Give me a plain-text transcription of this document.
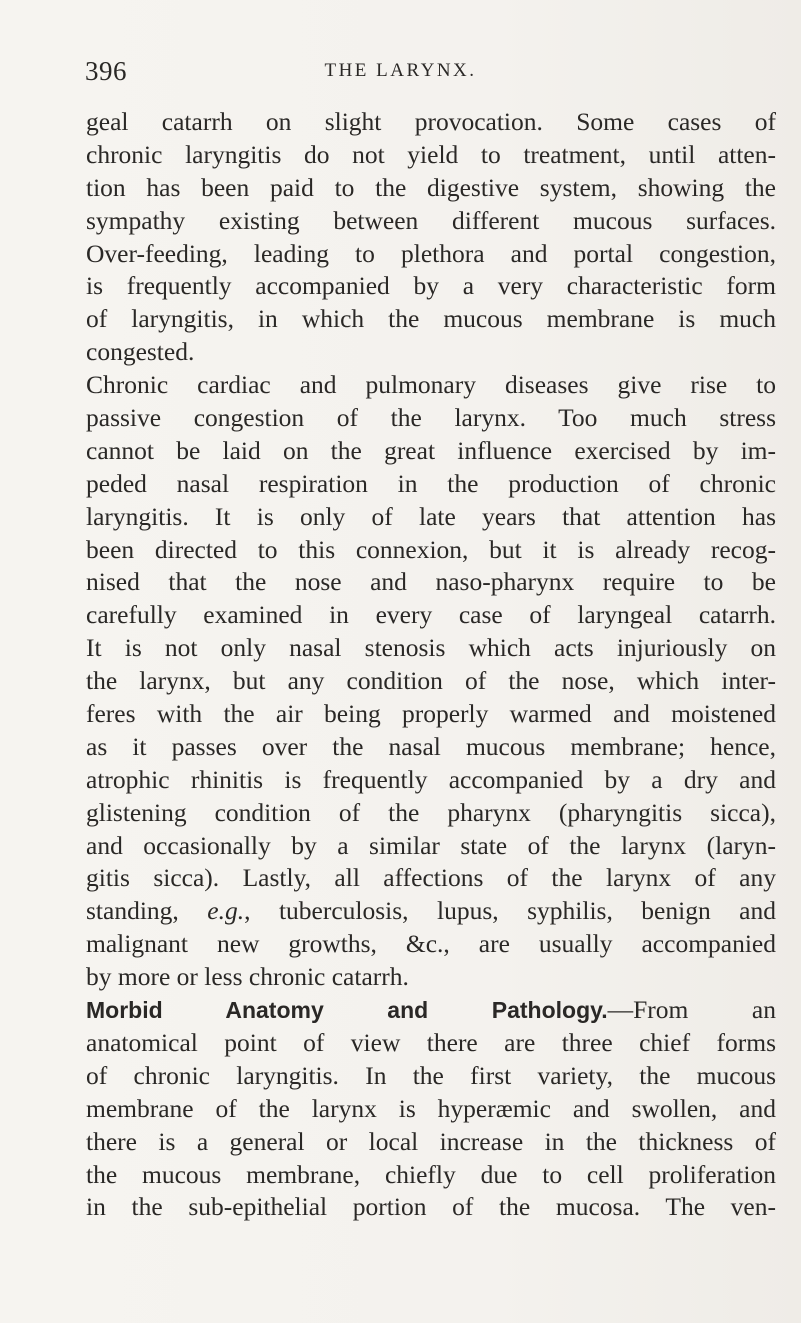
396	THE LARYNX.
geal catarrh on slight provocation. Some cases of
chronic laryngitis do not yield to treatment, until atten-
tion has been paid to the digestive system, showing the
sympathy existing between different mucous surfaces.
Over-feeding, leading to plethora and portal congestion,
is frequently accompanied by a very characteristic form
of laryngitis, in which the mucous membrane is much
congested.
Chronic cardiac and pulmonary diseases give rise to
passive congestion of the larynx. Too much stress
cannot be laid on the great influence exercised by im-
peded nasal respiration in the production of chronic
laryngitis. It is only of late years that attention has
been directed to this connexion, but it is already recog-
nised that the nose and naso-pharynx require to be
carefully examined in every case of laryngeal catarrh.
It is not only nasal stenosis which acts injuriously on
the larynx, but any condition of the nose, which inter-
feres with the air being properly warmed and moistened
as it passes over the nasal mucous membrane; hence,
atrophic rhinitis is frequently accompanied by a dry and
glistening condition of the pharynx (pharyngitis sicca),
and occasionally by a similar state of the larynx (laryn-
gitis sicca). Lastly, all affections of the larynx of any
standing, e.g., tuberculosis, lupus, syphilis, benign and
malignant new growths, &c., are usually accompanied
by more or less chronic catarrh.
Morbid Anatomy and Pathology.—From an
anatomical point of view there are three chief forms
of chronic laryngitis. In the first variety, the mucous
membrane of the larynx is hyperæmic and swollen, and
there is a general or local increase in the thickness of
the mucous membrane, chiefly due to cell proliferation
in the sub-epithelial portion of the mucosa. The ven-
